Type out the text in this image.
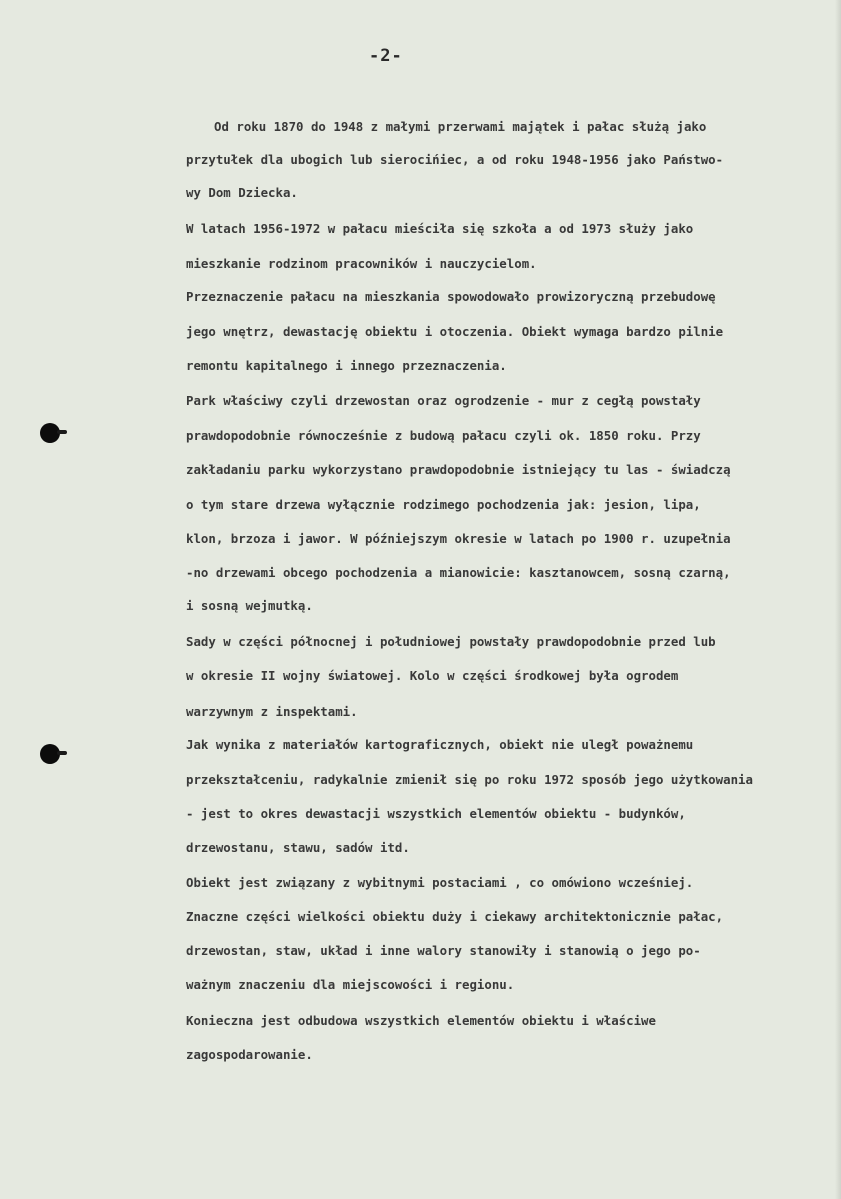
-2-
Od roku 1870 do 1948 z małymi przerwami majątek i pałac służą jako
przytułek dla ubogich lub sierocińiec, a od roku 1948-1956 jako Państwo-
wy Dom Dziecka.
W latach 1956-1972 w pałacu mieściła się szkoła a od 1973 służy jako
mieszkanie rodzinom pracowników i nauczycielom.
Przeznaczenie pałacu na mieszkania spowodowało prowizoryczną przebudowę
jego wnętrz, dewastację obiektu i otoczenia. Obiekt wymaga bardzo pilnie
remontu kapitalnego i innego przeznaczenia.
Park właściwy czyli drzewostan oraz ogrodzenie - mur z cegłą powstały
prawdopodobnie równocześnie z budową pałacu czyli ok. 1850 roku. Przy
zakładaniu parku wykorzystano prawdopodobnie istniejący tu las - świadczą
o tym stare drzewa wyłącznie rodzimego pochodzenia jak: jesion, lipa,
klon, brzoza i jawor. W późniejszym okresie w latach po 1900 r. uzupełnia
-no drzewami obcego pochodzenia a mianowicie: kasztanowcem, sosną czarną,
i sosną wejmutką.
Sady w części północnej i południowej powstały prawdopodobnie przed lub
w okresie II wojny światowej. Kolo w części środkowej była ogrodem
warzywnym z inspektami.
Jak wynika z materiałów kartograficznych, obiekt nie uległ poważnemu
przekształceniu, radykalnie zmienił się po roku 1972 sposób jego użytkowania
- jest to okres dewastacji wszystkich elementów obiektu - budynków,
drzewostanu, stawu, sadów itd.
Obiekt jest związany z wybitnymi postaciami , co omówiono wcześniej.
Znaczne części wielkości obiektu duży i ciekawy architektonicznie pałac,
drzewostan, staw, układ i inne walory stanowiły i stanowią o jego po-
ważnym znaczeniu dla miejscowości i regionu.
Konieczna jest odbudowa wszystkich elementów obiektu i właściwe
zagospodarowanie.
